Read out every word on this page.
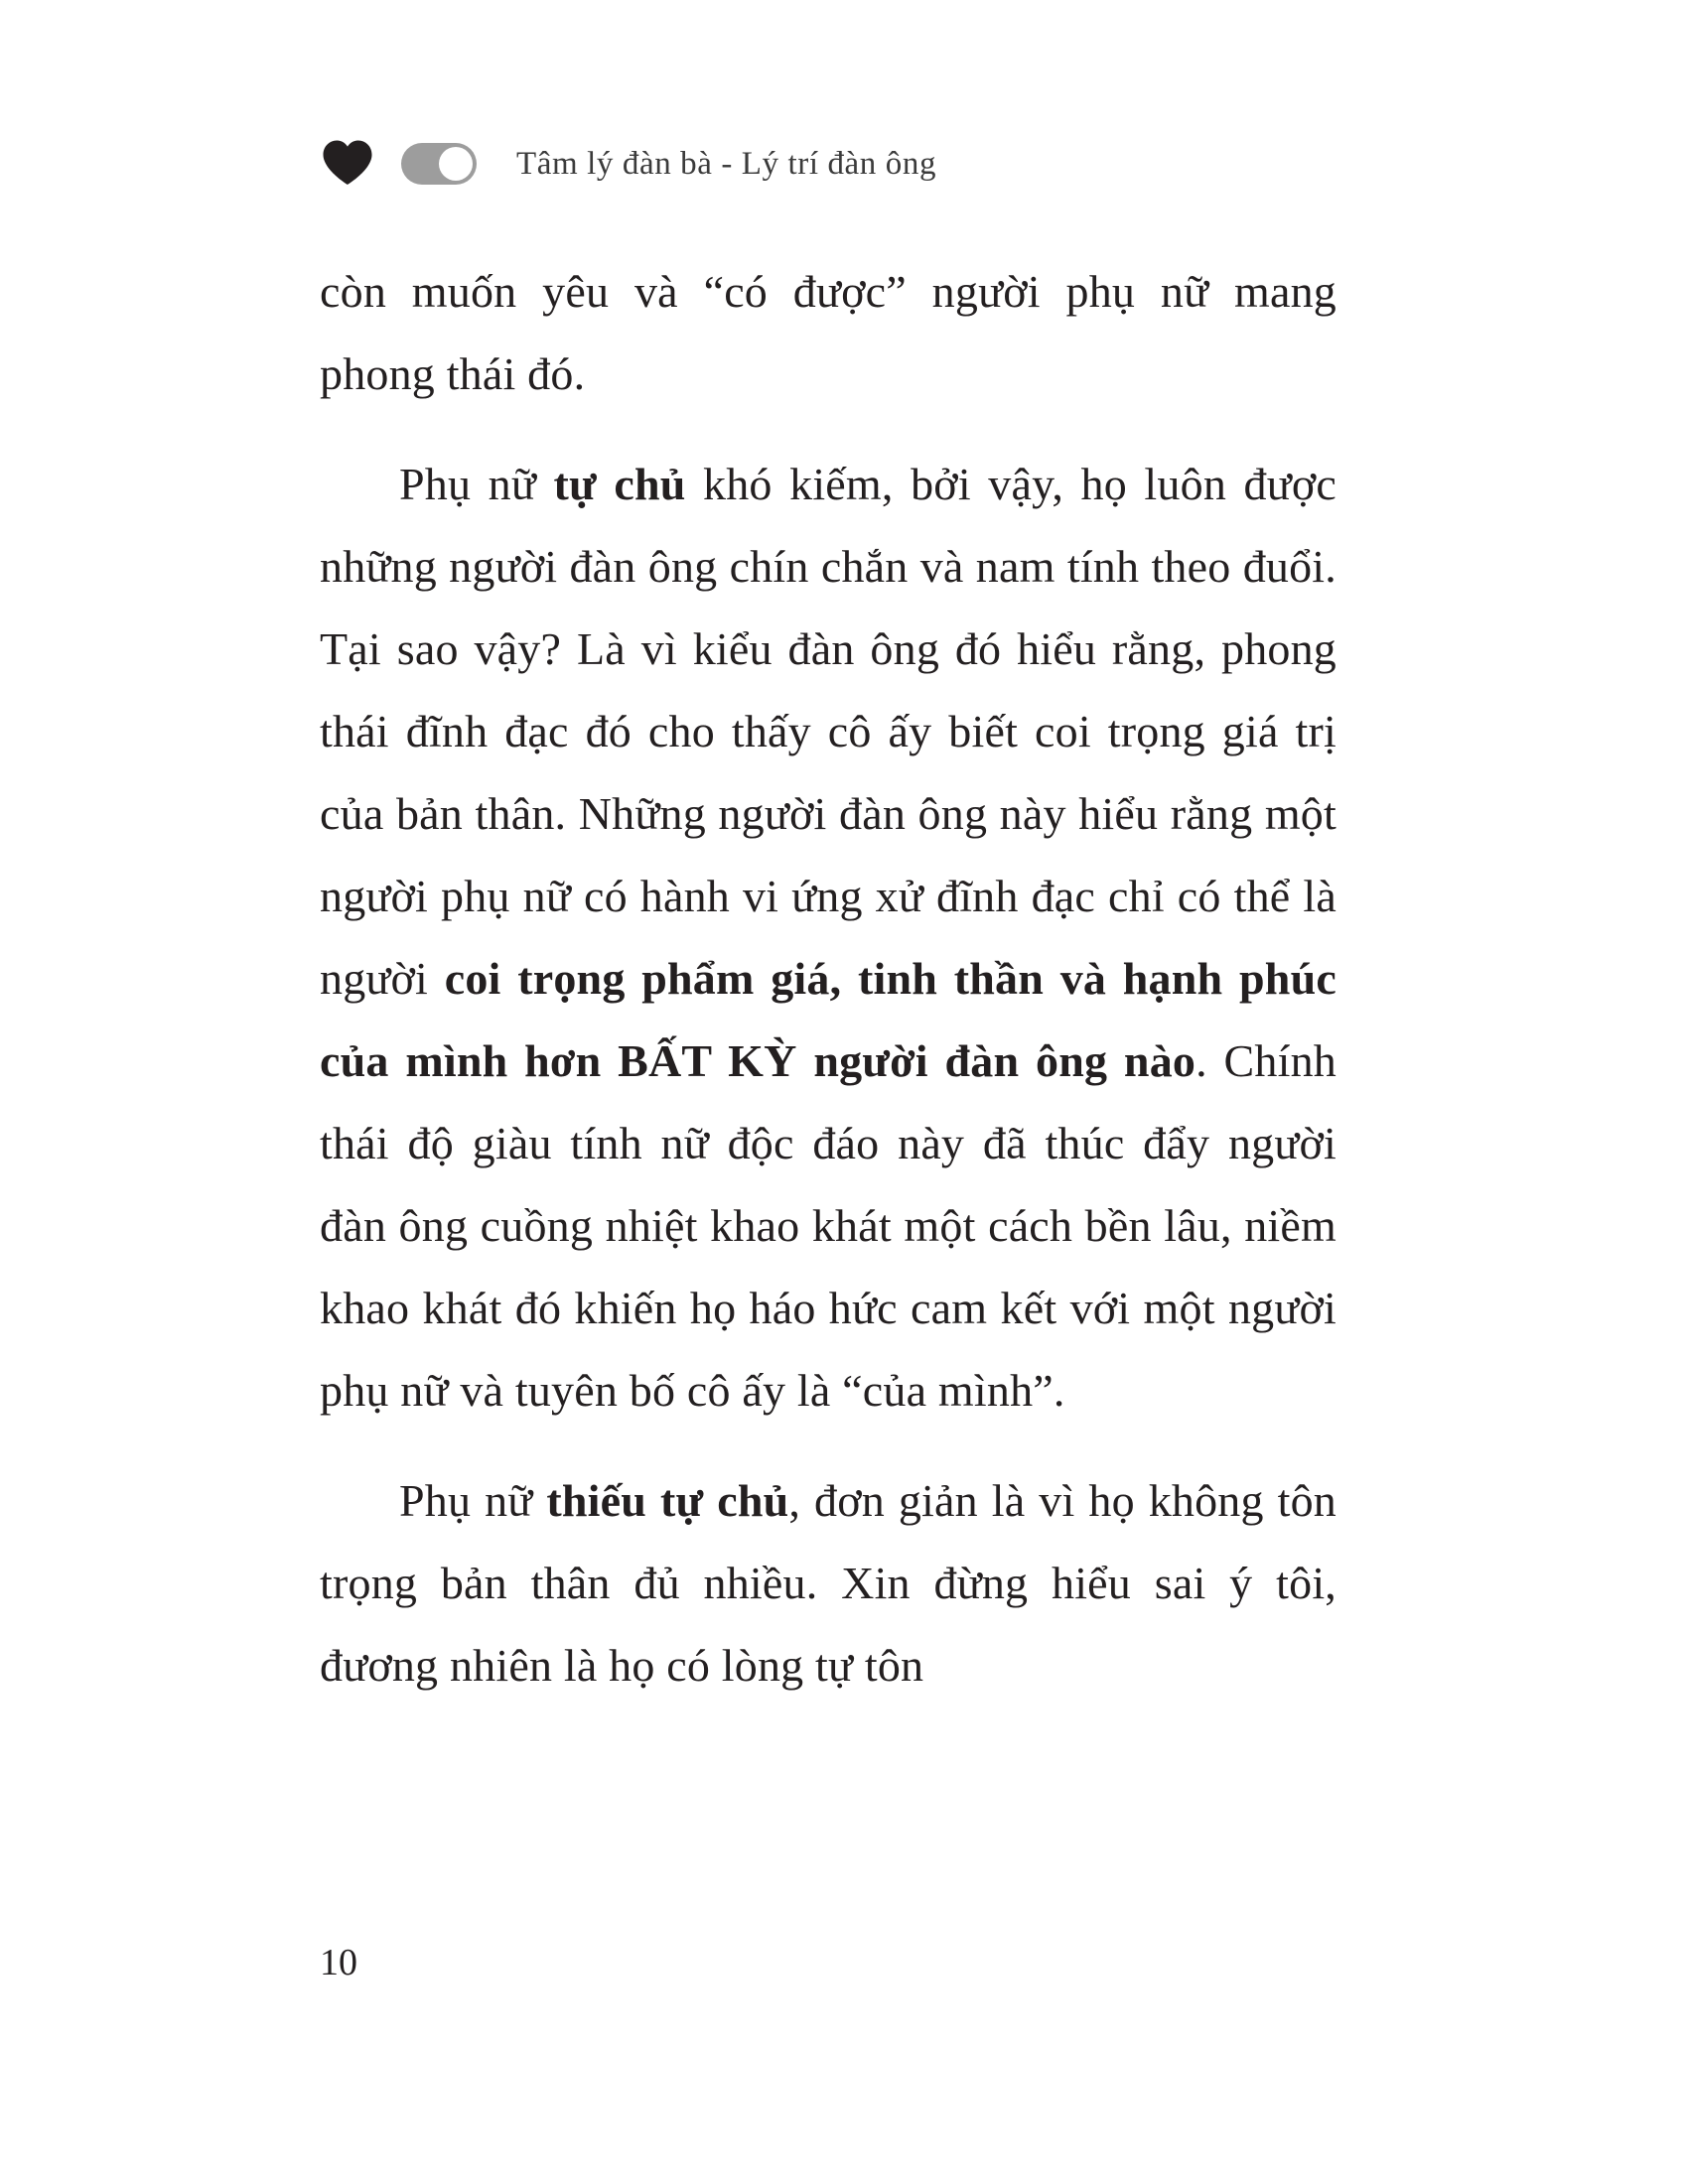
Tâm lý đàn bà - Lý trí đàn ông

còn muốn yêu và “có được” người phụ nữ mang phong thái đó.

Phụ nữ tự chủ khó kiếm, bởi vậy, họ luôn được những người đàn ông chín chắn và nam tính theo đuổi. Tại sao vậy? Là vì kiểu đàn ông đó hiểu rằng, phong thái đĩnh đạc đó cho thấy cô ấy biết coi trọng giá trị của bản thân. Những người đàn ông này hiểu rằng một người phụ nữ có hành vi ứng xử đĩnh đạc chỉ có thể là người coi trọng phẩm giá, tinh thần và hạnh phúc của mình hơn BẤT KỲ người đàn ông nào. Chính thái độ giàu tính nữ độc đáo này đã thúc đẩy người đàn ông cuồng nhiệt khao khát một cách bền lâu, niềm khao khát đó khiến họ háo hức cam kết với một người phụ nữ và tuyên bố cô ấy là “của mình”.

Phụ nữ thiếu tự chủ, đơn giản là vì họ không tôn trọng bản thân đủ nhiều. Xin đừng hiểu sai ý tôi, đương nhiên là họ có lòng tự tôn

10
